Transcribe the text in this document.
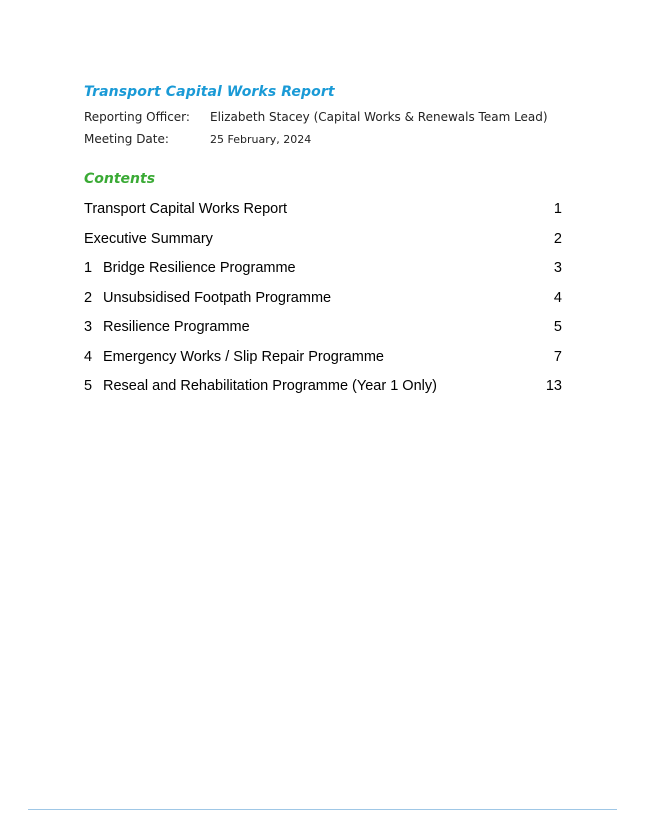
Transport Capital Works Report
Reporting Officer: Elizabeth Stacey (Capital Works & Renewals Team Lead)
Meeting Date:	25 February, 2024
Contents
Transport Capital Works Report	1
Executive Summary	2
1 Bridge Resilience Programme	3
2 Unsubsidised Footpath Programme	4
3 Resilience Programme	5
4 Emergency Works / Slip Repair Programme	7
5 Reseal and Rehabilitation Programme (Year 1 Only)	13
